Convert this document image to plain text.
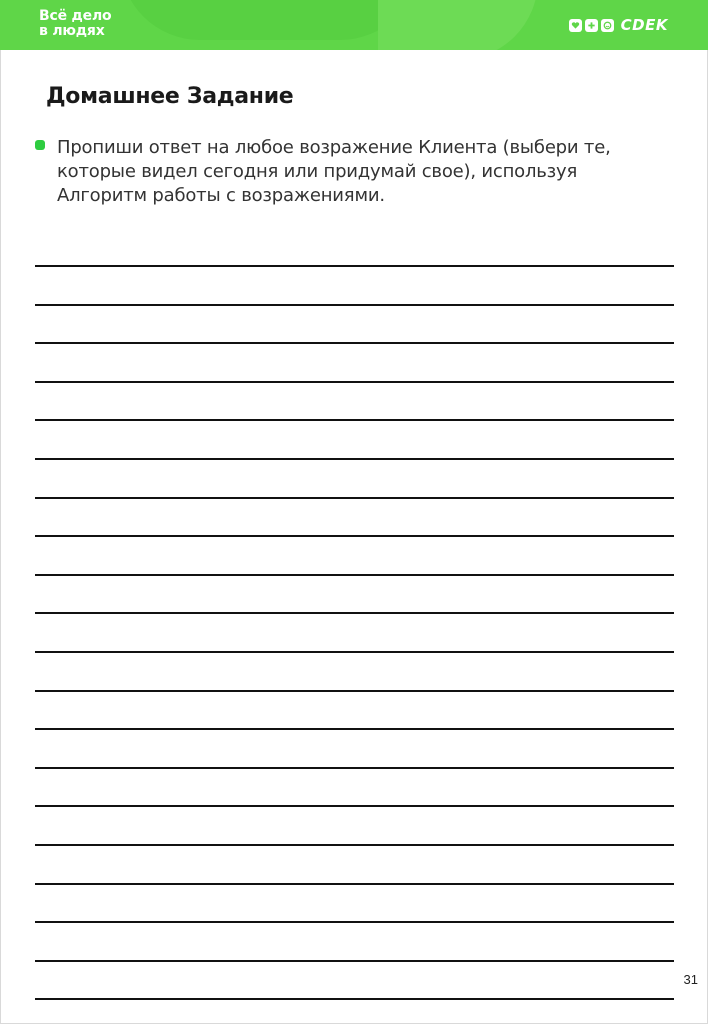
Всё дело
в людях	CDEK
Домашнее Задание
Пропиши ответ на любое возражение Клиента (выбери те,
которые видел сегодня или придумай свое), используя
Алгоритм работы с возражениями.
31
